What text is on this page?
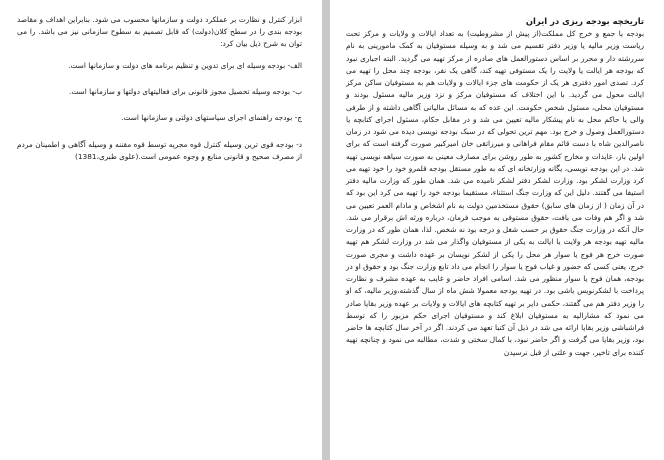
ابزار کنترل و نظارت بر عملکرد دولت و سازمانها محسوب می شود. بنابراین اهداف و مقاصد بودجه بندی را در سطح کلان(دولت) که قابل تصمیم به سطوح سازمانی نیز می باشد. را می توان به شرح ذیل بیان کرد:

الف- بودجه وسیله ای برای تدوین و تنظیم برنامه های دولت و سازمانها است.

ب- بودجه وسیله تحصیل مجوز قانونی برای فعالیتهای دولتها و سازمانها است.

ج- بودجه راهنمای اجرای سیاستهای دولتی و سازمانها است.

د- بودجه قوی ترین وسیله کنترل قوه مجریه توسط قوه مقننه و وسیله آگاهی و اطمینان مردم از مصرف صحیح و قانونی منابع و وجوه عمومی است.(علوی طبری،1381)

تاریخچه بودجه ریزی در ایران

بودجه یا جمع و خرج کل مملکت(از پیش از مشروطیت) به تعداد ایالات و ولایات و مرکز تحت ریاست وزیر مالیه یا وزیر دفتر تقسیم می شد و به وسیله مستوفیان به کمک مامورینی به نام سررشته دار و محرر بر اساس دستورالعمل های صادره از مرکز تهیه می گردید. البته اجباری نبود که بودجه هر ایالت یا ولایت را یک مستوفی تهیه کند، گاهی یک نفر، بودجه چند محل را تهیه می کرد. تصدی امور دفتری هر یک از حکومت های جزء ایالات و ولایات هم به مستوفیان ساکن مرکز ایالت محول می گردید. با این اختلاف که مستوفیان مرکز و نزد وزیر مالیه مسئول بودند و مستوفیان محلی، مسئول شخص حکومت. این عده که به مسائل مالیاتی آگاهی داشته و از طرفی والی یا حاکم محل به نام پیشکار مالیه تعیین می شد و در مقابل حکام، مسئول اجرای کتابچه یا دستورالعمل وصول و خرج بود. مهم ترین تحولی که در سبک بودجه نویسی دیده می شود در زمان ناصرالدین شاه با دست قائم مقام فراهانی و میرزاتقی خان امیرکبیر صورت گرفته است که برای اولین بار، عایدات و مخارج کشور به طور روشن برای مصارف معینی به صورت سیاهه نویسی تهیه شد. در این بودجه نویسی، یگانه وزارتخانه ای که به طور مستقل بودجه قلمرو خود را خود تهیه می کرد وزارت لشکر بود. وزارت لشکر دفتر لشکر نامیده می شد. همان طور که وزارت مالیه دفتر استیفا می گفتند. دلیل این که وزارت جنگ استثناء، مستقیما بودجه خود را تهیه می کرد این بود که در آن زمان ( از زمان های سابق) حقوق مستخدمین دولت به نام اشخاص و مادام العمر تعیین می شد و اگر هم وفات می یافت، حقوق مستوفی به موجب فرمان، درباره ورثه اش برقرار می شد. حال آنکه در وزارت جنگ حقوق بر حسب شغل و درجه بود نه شخص. لذا، همان طور که در وزارت مالیه تهیه بودجه هر ولایت یا ایالت به یکی از مستوفیان واگذار می شد در وزارت لشکر هم تهیه صورت خرج هر فوج یا سوار هر محل را یکی از لشکر نویسان بر عهده داشت و مجری صورت خرج، یعنی کسی که حضور و غیاب فوج یا سوار را انجام می داد تابع وزارت جنگ بود و حقوق او در بودجه، همان فوج یا سوار منظور می شد. اسامی افراد حاضر و غایب به عهده مشرف و نظارت پرداخت با لشکرنویس باشی بود. در تهیه بودجه معمولا شش ماه از سال گذشته،وزیر مالیه، که او را وزیر دفتر هم می گفتند، حکمی دایر بر تهیه کتابچه های ایالات و ولایات بر عهده وزیر بقایا صادر می نمود که مشارالیه به مستوفیان ابلاغ کند و مستوفیان اجرای حکم مزبور را که توسط فراشباشی وزیر بقایا ارائه می شد در ذیل آن کتبا تعهد می کردند. اگر در آخر سال کتابچه ها حاضر بود، وزیر بقایا می گرفت و اگر حاضر نبود، با کمال سختی و شدت، مطالبه می نمود و چنانچه تهیه کننده برای تاخیر، جهت و علتی از قبل نرسیدن
